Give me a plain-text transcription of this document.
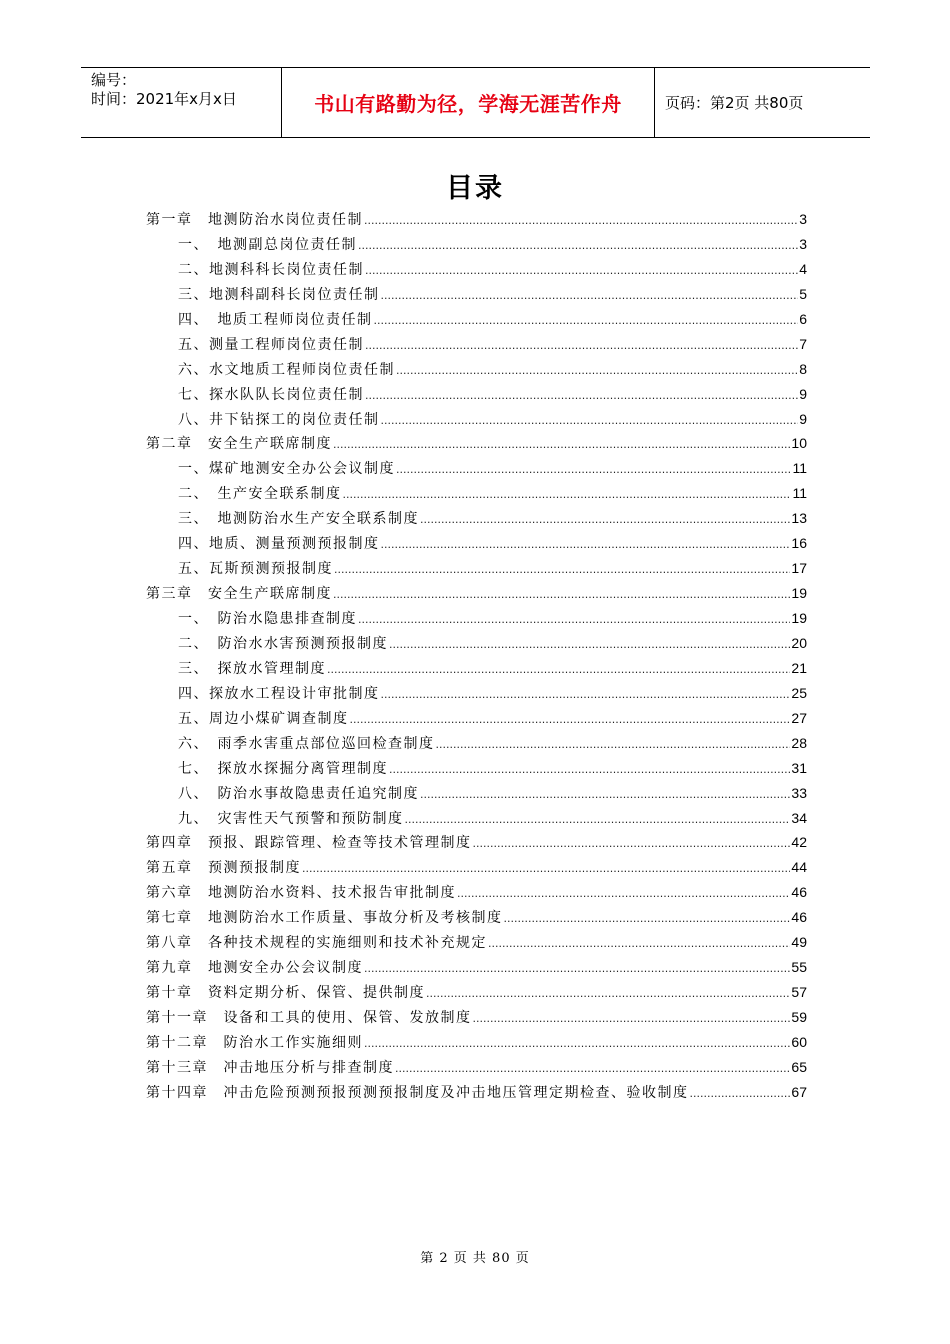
编号：
时间：2021年x月x日	书山有路勤为径，学海无涯苦作舟	页码：第2页 共80页
目录
第一章　地测防治水岗位责任制 .....	3
一、　地测副总岗位责任制 .....	3
二、地测科科长岗位责任制 .....	4
三、地测科副科长岗位责任制 .....	5
四、　地质工程师岗位责任制 .....	6
五、测量工程师岗位责任制 .....	7
六、水文地质工程师岗位责任制 .....	8
七、探水队队长岗位责任制 .....	9
八、井下钻探工的岗位责任制 .....	9
第二章　安全生产联席制度 .....	10
一、煤矿地测安全办公会议制度 .....	11
二、　生产安全联系制度 .....	11
三、　地测防治水生产安全联系制度 .....	13
四、地质、测量预测预报制度 .....	16
五、瓦斯预测预报制度 .....	17
第三章　安全生产联席制度 .....	19
一、　防治水隐患排查制度 .....	19
二、　防治水水害预测预报制度 .....	20
三、　探放水管理制度 .....	21
四、探放水工程设计审批制度 .....	25
五、周边小煤矿调查制度 .....	27
六、　雨季水害重点部位巡回检查制度 .....	28
七、　探放水探掘分离管理制度 .....	31
八、　防治水事故隐患责任追究制度 .....	33
九、　灾害性天气预警和预防制度 .....	34
第四章　预报、跟踪管理、检查等技术管理制度 .....	42
第五章　预测预报制度 .....	44
第六章　地测防治水资料、技术报告审批制度 .....	46
第七章　地测防治水工作质量、事故分析及考核制度 .....	46
第八章　各种技术规程的实施细则和技术补充规定 .....	49
第九章　地测安全办公会议制度 .....	55
第十章　资料定期分析、保管、提供制度 .....	57
第十一章　设备和工具的使用、保管、发放制度 .....	59
第十二章　防治水工作实施细则 .....	60
第十三章　冲击地压分析与排查制度 .....	65
第十四章　冲击危险预测预报预测预报制度及冲击地压管理定期检查、验收制度 .....	67
第 2 页 共 80 页
